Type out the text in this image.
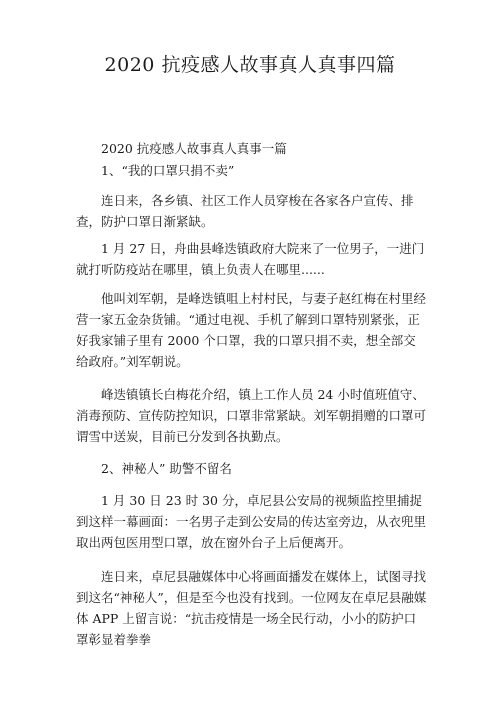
2020 抗疫感人故事真人真事四篇

2020 抗疫感人故事真人真事一篇

1、“我的口罩只捐不卖”

连日来，各乡镇、社区工作人员穿梭在各家各户宣传、排查，防护口罩日渐紧缺。

1 月 27 日，舟曲县峰迭镇政府大院来了一位男子，一进门就打听防疫站在哪里，镇上负责人在哪里......

他叫刘军朝，是峰迭镇咀上村村民，与妻子赵红梅在村里经营一家五金杂货铺。“通过电视、手机了解到口罩特别紧张，正好我家铺子里有 2000 个口罩，我的口罩只捐不卖，想全部交给政府。”刘军朝说。

峰迭镇镇长白梅花介绍，镇上工作人员 24 小时值班值守、消毒预防、宣传防控知识，口罩非常紧缺。刘军朝捐赠的口罩可谓雪中送炭，目前已分发到各执勤点。

2、神秘人” 助警不留名

1 月 30 日 23 时 30 分，卓尼县公安局的视频监控里捕捉到这样一幕画面：一名男子走到公安局的传达室旁边，从衣兜里取出两包医用型口罩，放在窗外台子上后便离开。

连日来，卓尼县融媒体中心将画面播发在媒体上，试图寻找到这名“神秘人”，但是至今也没有找到。一位网友在卓尼县融媒体 APP 上留言说：“抗击疫情是一场全民行动，小小的防护口罩彰显着拳拳
